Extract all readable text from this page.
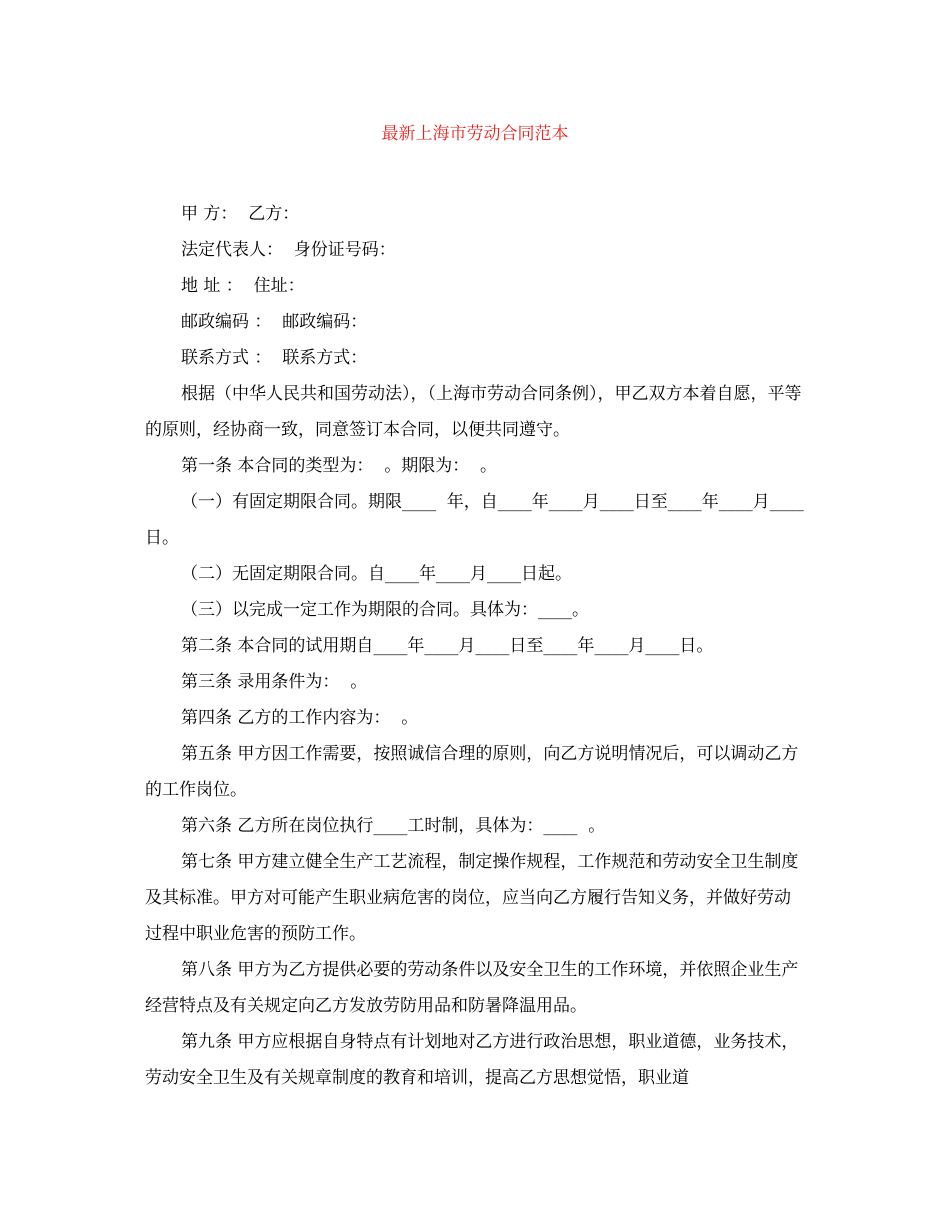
最新上海市劳动合同范本

甲 方：  乙方：

法定代表人：  身份证号码：

地 址 ：  住址：

邮政编码 ：  邮政编码：

联系方式 ：  联系方式：

根据（中华人民共和国劳动法），（上海市劳动合同条例），甲乙双方本着自愿，平等的原则，经协商一致，同意签订本合同，以便共同遵守。

第一条 本合同的类型为：  。期限为：  。

（一）有固定期限合同。期限____  年，自____年____月____日至____年____月____日。

（二）无固定期限合同。自____年____月____日起。

（三）以完成一定工作为期限的合同。具体为：____。

第二条 本合同的试用期自____年____月____日至____年____月____日。

第三条 录用条件为：  。

第四条 乙方的工作内容为：  。

第五条 甲方因工作需要，按照诚信合理的原则，向乙方说明情况后，可以调动乙方的工作岗位。

第六条 乙方所在岗位执行____工时制，具体为：____  。

第七条 甲方建立健全生产工艺流程，制定操作规程，工作规范和劳动安全卫生制度及其标准。甲方对可能产生职业病危害的岗位，应当向乙方履行告知义务，并做好劳动过程中职业危害的预防工作。

第八条 甲方为乙方提供必要的劳动条件以及安全卫生的工作环境，并依照企业生产经营特点及有关规定向乙方发放劳防用品和防暑降温用品。

第九条 甲方应根据自身特点有计划地对乙方进行政治思想，职业道德，业务技术，劳动安全卫生及有关规章制度的教育和培训，提高乙方思想觉悟，职业道
